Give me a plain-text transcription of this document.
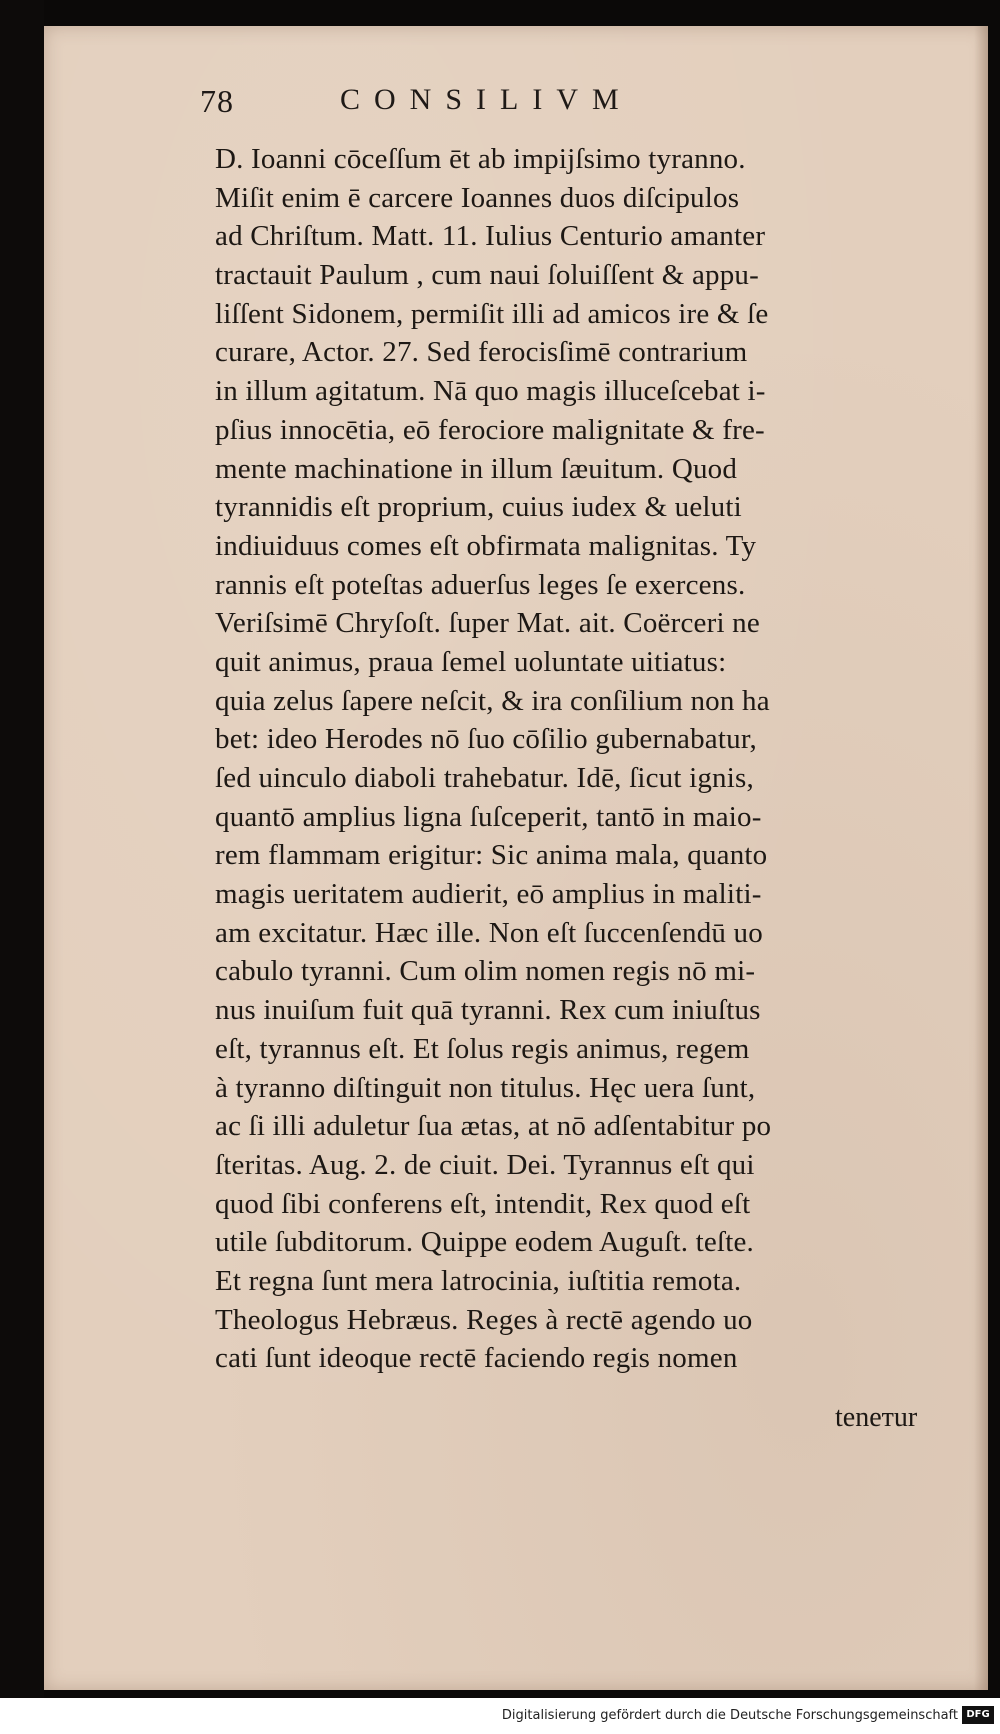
78	CONSILIVM
D. Ioanni cōceſſum ēt ab impijſsimo tyranno.
Miſit enim ē carcere Ioannes duos diſcipulos
ad Chriſtum. Matt. 11. Iulius Centurio amanter
tractauit Paulum , cum naui ſoluiſſent & appu-
liſſent Sidonem, permiſit illi ad amicos ire & ſe
curare, Actor. 27. Sed ferocisſimē contrarium
in illum agitatum. Nā quo magis illuceſcebat i-
pſius innocētia, eō ferociore malignitate & fre-
mente machinatione in illum ſæuitum. Quod
tyrannidis eſt proprium, cuius iudex & ueluti
indiuiduus comes eſt obfirmata malignitas. Ty
rannis eſt poteſtas aduerſus leges ſe exercens.
Veriſsimē Chryſoſt. ſuper Mat. ait. Coërceri ne
quit animus, praua ſemel uoluntate uitiatus:
quia zelus ſapere neſcit, & ira conſilium non ha
bet: ideo Herodes nō ſuo cōſilio gubernabatur,
ſed uinculo diaboli trahebatur. Idē, ſicut ignis,
quantō amplius ligna ſuſceperit, tantō in maio-
rem flammam erigitur: Sic anima mala, quanto
magis ueritatem audierit, eō amplius in maliti-
am excitatur. Hæc ille. Non eſt ſuccenſendū uo
cabulo tyranni. Cum olim nomen regis nō mi-
nus inuiſum fuit quā tyranni. Rex cum iniuſtus
eſt, tyrannus eſt. Et ſolus regis animus, regem
à tyranno diſtinguit non titulus. Hęc uera ſunt,
ac ſi illi aduletur ſua ætas, at nō adſentabitur po
ſteritas. Aug. 2. de ciuit. Dei. Tyrannus eſt qui
quod ſibi conferens eſt, intendit, Rex quod eſt
utile ſubditorum. Quippe eodem Auguſt. teſte.
Et regna ſunt mera latrocinia, iuſtitia remota.
Theologus Hebræus. Reges à rectē agendo uo
cati ſunt ideoque rectē faciendo regis nomen
teneтur
Digitalisierung gefördert durch die Deutsche Forschungsgemeinschaft DFG
